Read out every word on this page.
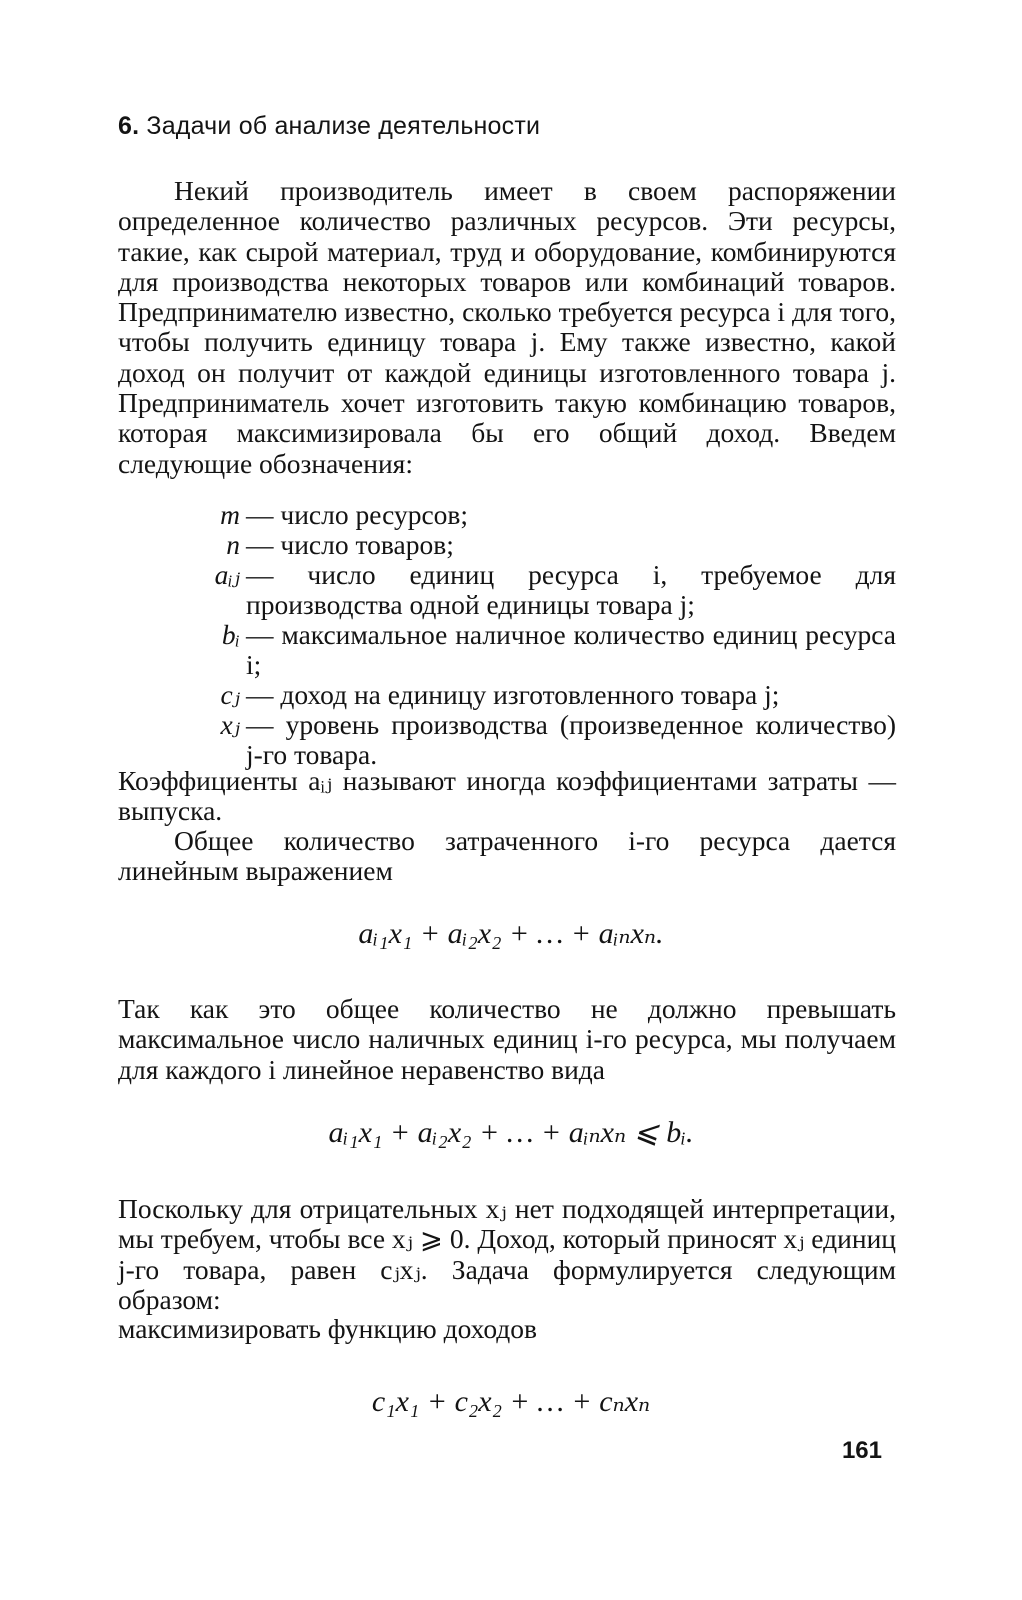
6. Задачи об анализе деятельности
Некий производитель имеет в своем распоряжении определенное количество различных ресурсов. Эти ресурсы, такие, как сырой материал, труд и оборудование, комбинируются для производства некоторых товаров или комбинаций товаров. Предпринимателю известно, сколько требуется ресурса i для того, чтобы получить единицу товара j. Ему также известно, какой доход он получит от каждой единицы изготовленного товара j. Предприниматель хочет изготовить такую комбинацию товаров, которая максимизировала бы его общий доход. Введем следующие обозначения:
m — число ресурсов;
n — число товаров;
aᵢⱼ — число единиц ресурса i, требуемое для производства одной единицы товара j;
bᵢ — максимальное наличное количество единиц ресурса i;
cⱼ — доход на единицу изготовленного товара j;
xⱼ — уровень производства (произведенное количество) j-го товара.
Коэффициенты aᵢⱼ называют иногда коэффициентами затраты — выпуска.
Общее количество затраченного i-го ресурса дается линейным выражением
aᵢ₁x₁ + aᵢ₂x₂ + … + aᵢₙxₙ.
Так как это общее количество не должно превышать максимальное число наличных единиц i-го ресурса, мы получаем для каждого i линейное неравенство вида
aᵢ₁x₁ + aᵢ₂x₂ + … + aᵢₙxₙ ⩽ bᵢ.
Поскольку для отрицательных xⱼ нет подходящей интерпретации, мы требуем, чтобы все xⱼ ⩾ 0. Доход, который приносят xⱼ единиц j-го товара, равен cⱼxⱼ. Задача формулируется следующим образом:
максимизировать функцию доходов
c₁x₁ + c₂x₂ + … + cₙxₙ
161
